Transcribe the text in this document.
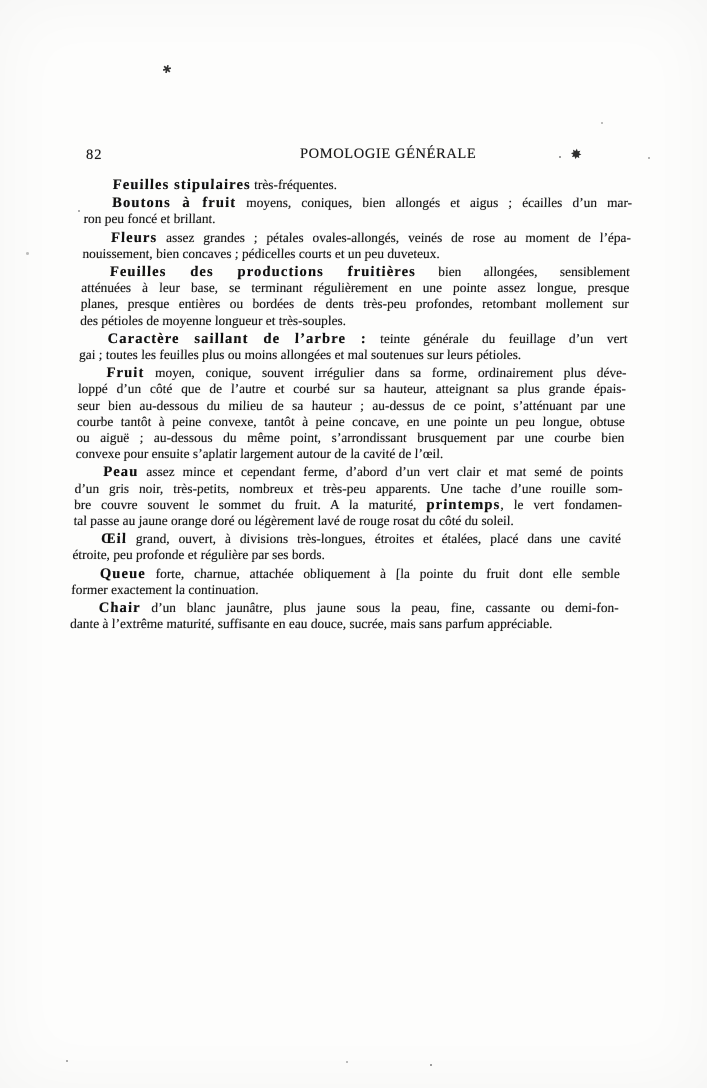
82	POMOLOGIE GÉNÉRALE
Feuilles stipulaires très-fréquentes.
Boutons à fruit moyens, coniques, bien allongés et aigus ; écailles d’un mar-
ron peu foncé et brillant.
Fleurs assez grandes ; pétales ovales-allongés, veinés de rose au moment de l’épa-
nouissement, bien concaves ; pédicelles courts et un peu duveteux.
Feuilles des productions fruitières bien allongées, sensiblement
atténuées à leur base, se terminant régulièrement en une pointe assez longue, presque
planes, presque entières ou bordées de dents très-peu profondes, retombant mollement sur
des pétioles de moyenne longueur et très-souples.
Caractère saillant de l’arbre : teinte générale du feuillage d’un vert
gai ; toutes les feuilles plus ou moins allongées et mal soutenues sur leurs pétioles.
Fruit moyen, conique, souvent irrégulier dans sa forme, ordinairement plus déve-
loppé d’un côté que de l’autre et courbé sur sa hauteur, atteignant sa plus grande épais-
seur bien au-dessous du milieu de sa hauteur ; au-dessus de ce point, s’atténuant par une
courbe tantôt à peine convexe, tantôt à peine concave, en une pointe un peu longue, obtuse
ou aiguë ; au-dessous du même point, s’arrondissant brusquement par une courbe bien
convexe pour ensuite s’aplatir largement autour de la cavité de l’œil.
Peau assez mince et cependant ferme, d’abord d’un vert clair et mat semé de points
d’un gris noir, très-petits, nombreux et très-peu apparents. Une tache d’une rouille som-
bre couvre souvent le sommet du fruit. A la maturité, printemps, le vert fondamen-
tal passe au jaune orange doré ou légèrement lavé de rouge rosat du côté du soleil.
Œil grand, ouvert, à divisions très-longues, étroites et étalées, placé dans une cavité
étroite, peu profonde et régulière par ses bords.
Queue forte, charnue, attachée obliquement à [la pointe du fruit dont elle semble
former exactement la continuation.
Chair d’un blanc jaunâtre, plus jaune sous la peau, fine, cassante ou demi-fon-
dante à l’extrême maturité, suffisante en eau douce, sucrée, mais sans parfum appréciable.
✱
✸
